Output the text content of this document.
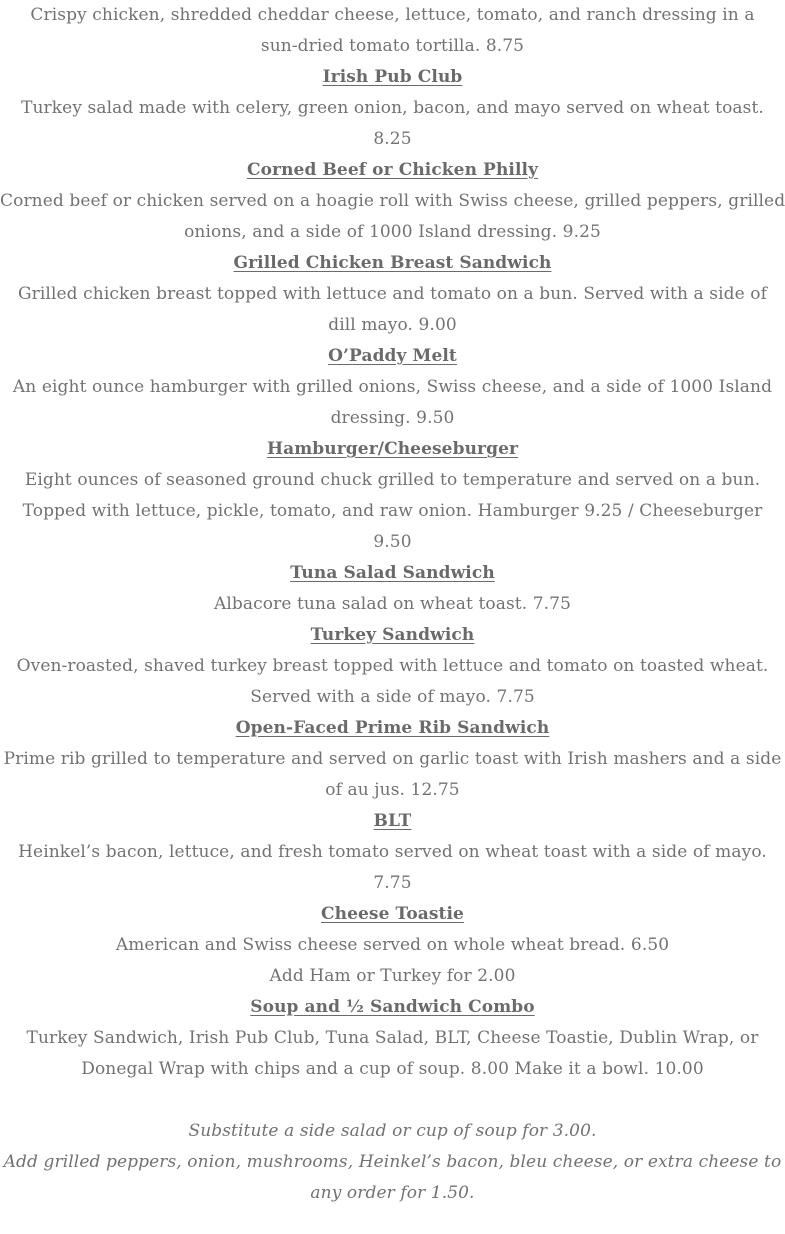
Crispy chicken, shredded cheddar cheese, lettuce, tomato, and ranch dressing in a
sun-dried tomato tortilla. 8.75
Irish Pub Club
Turkey salad made with celery, green onion, bacon, and mayo served on wheat toast.
8.25
Corned Beef or Chicken Philly
Corned beef or chicken served on a hoagie roll with Swiss cheese, grilled peppers, grilled
onions, and a side of 1000 Island dressing. 9.25
Grilled Chicken Breast Sandwich
Grilled chicken breast topped with lettuce and tomato on a bun. Served with a side of
dill mayo. 9.00
O’Paddy Melt
An eight ounce hamburger with grilled onions, Swiss cheese, and a side of 1000 Island
dressing. 9.50
Hamburger/Cheeseburger
Eight ounces of seasoned ground chuck grilled to temperature and served on a bun.
Topped with lettuce, pickle, tomato, and raw onion. Hamburger 9.25 / Cheeseburger
9.50
Tuna Salad Sandwich
Albacore tuna salad on wheat toast. 7.75
Turkey Sandwich
Oven-roasted, shaved turkey breast topped with lettuce and tomato on toasted wheat.
Served with a side of mayo. 7.75
Open-Faced Prime Rib Sandwich
Prime rib grilled to temperature and served on garlic toast with Irish mashers and a side
of au jus. 12.75
BLT
Heinkel’s bacon, lettuce, and fresh tomato served on wheat toast with a side of mayo.
7.75
Cheese Toastie
American and Swiss cheese served on whole wheat bread. 6.50
Add Ham or Turkey for 2.00
Soup and ½ Sandwich Combo
Turkey Sandwich, Irish Pub Club, Tuna Salad, BLT, Cheese Toastie, Dublin Wrap, or
Donegal Wrap with chips and a cup of soup. 8.00 Make it a bowl. 10.00
Substitute a side salad or cup of soup for 3.00.
Add grilled peppers, onion, mushrooms, Heinkel’s bacon, bleu cheese, or extra cheese to
any order for 1.50.
